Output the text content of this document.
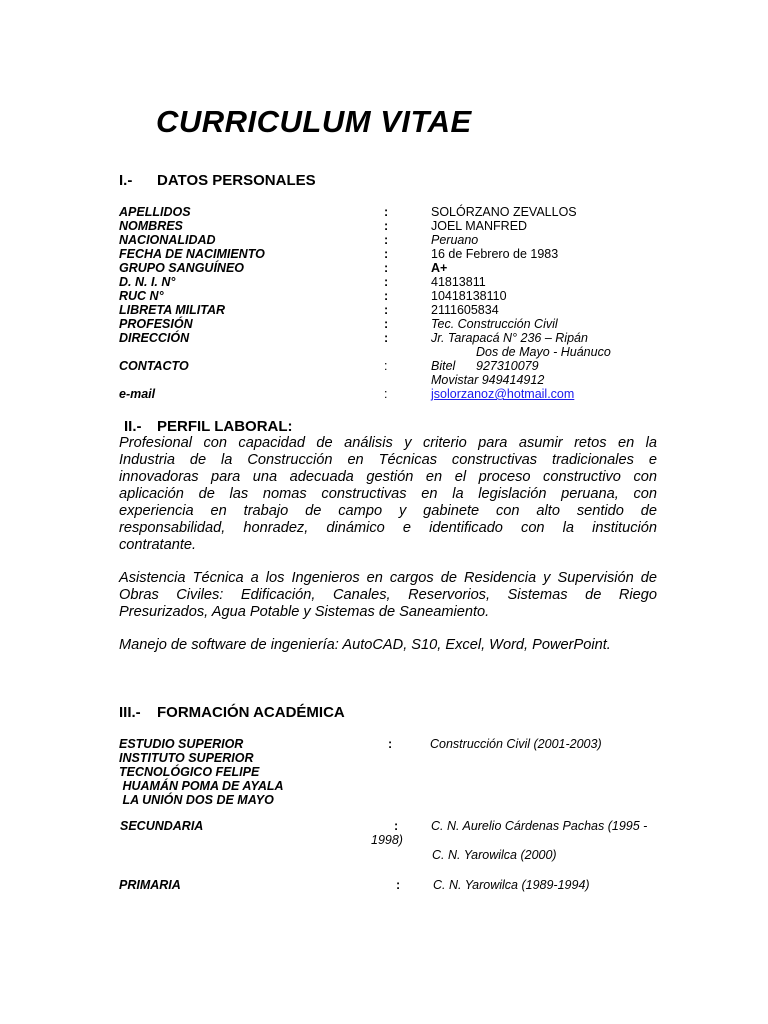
CURRICULUM VITAE
I.- DATOS PERSONALES
APELLIDOS	:	SOLÓRZANO ZEVALLOS
NOMBRES	:	JOEL MANFRED
NACIONALIDAD	:	Peruano
FECHA DE NACIMIENTO	:	16 de Febrero de 1983
GRUPO SANGUÍNEO	:	A+
D. N. I. N°	:	41813811
RUC N°	:	10418138110
LIBRETA MILITAR	:	2111605834
PROFESIÓN	:	Tec. Construcción Civil
DIRECCIÓN	:	Jr. Tarapacá N° 236 – Ripán
Dos de Mayo - Huánuco
CONTACTO	:	Bitel 927310079
Movistar 949414912
e-mail	:	jsolorzanoz@hotmail.com
II.- PERFIL LABORAL:
Profesional con capacidad de análisis y criterio para asumir retos en la
Industria de la Construcción en Técnicas constructivas tradicionales e
innovadoras para una adecuada gestión en el proceso constructivo con
aplicación de las nomas constructivas en la legislación peruana, con
experiencia en trabajo de campo y gabinete con alto sentido de
responsabilidad, honradez, dinámico e identificado con la institución
contratante.
Asistencia Técnica a los Ingenieros en cargos de Residencia y Supervisión de
Obras Civiles: Edificación, Canales, Reservorios, Sistemas de Riego
Presurizados, Agua Potable y Sistemas de Saneamiento.
Manejo de software de ingeniería: AutoCAD, S10, Excel, Word, PowerPoint.
III.- FORMACIÓN ACADÉMICA
ESTUDIO SUPERIOR
INSTITUTO SUPERIOR
TECNOLÓGICO FELIPE
HUAMÁN POMA DE AYALA
LA UNIÓN DOS DE MAYO
:	Construcción Civil (2001-2003)
SECUNDARIA	:	C. N. Aurelio Cárdenas Pachas (1995 -
1998)
C. N. Yarowilca (2000)
PRIMARIA	:	C. N. Yarowilca (1989-1994)
